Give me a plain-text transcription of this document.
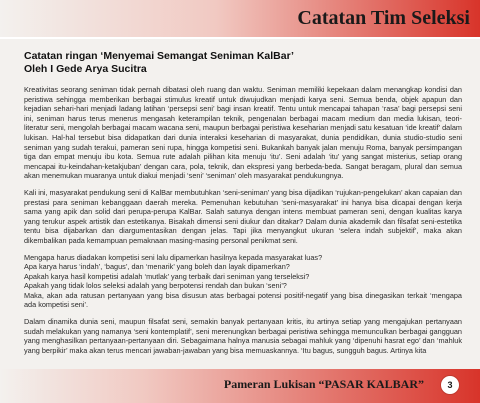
Catatan Tim Seleksi
Catatan ringan ‘Menyemai Semangat Seniman KalBar’
Oleh I Gede Arya Sucitra
Kreativitas seorang seniman tidak pernah dibatasi oleh ruang dan waktu. Seniman memiliki kepekaan dalam menangkap kondisi dan peristiwa sehingga memberikan berbagai stimulus kreatif untuk diwujudkan menjadi karya seni. Semua benda, objek apapun dan kejadian sehari-hari menjadi ladang latihan ‘persepsi seni’ bagi insan kreatif. Tentu untuk mencapai tahapan ‘rasa’ bagi persepsi seni ini, seniman harus terus menerus mengasah keterampilan teknik, pengenalan berbagai macam medium dan media lukisan, teori-literatur seni, mengolah berbagai macam wacana seni, maupun berbagai peristiwa keseharian menjadi satu kesatuan ‘ide kreatif’ dalam lukisan. Hal-hal tersebut bisa didapatkan dari dunia interaksi keseharian di masyarakat, dunia pendidikan, dunia studio-studio seni seniman yang sudah terakui, pameran seni rupa, hingga kompetisi seni. Bukankah banyak jalan menuju Roma, banyak persimpangan tiga dan empat menuju ibu kota. Semua rute adalah pilihan kita menuju ‘itu’. Seni adalah ‘itu’ yang sangat misterius, setiap orang mencapai itu-keindahan-ketakjuban’ dengan cara, pola, teknik, dan ekspresi yang berbeda-beda. Sangat beragam, plural dan semua akan menemukan muaranya untuk diakui menjadi ‘seni’ ‘seniman’ oleh masyarakat pendukungnya.
Kali ini, masyarakat pendukung seni di KalBar membutuhkan ‘seni-seniman’ yang bisa dijadikan ‘rujukan-pengelukan’ akan capaian dan prestasi para seniman kebanggaan daerah mereka. Pemenuhan kebutuhan ‘seni-masyarakat’ ini hanya bisa dicapai dengan kerja sama yang apik dan solid dari perupa-perupa KalBar. Salah satunya dengan intens membuat pameran seni, dengan kualitas karya yang terukur aspek artistik dan estetikanya. Bisakah dimensi seni diukur dan ditakar? Dalam dunia akademik dan filsafat seni-estetika tentu bisa dijabarkan dan diargumentasikan dengan jelas. Tapi jika menyangkut ukuran ‘selera indah subjektif’, maka akan dikembalikan pada kemampuan pemaknaan masing-masing personal penikmat seni.
Mengapa harus diadakan kompetisi seni lalu dipamerkan hasilnya kepada masyarakat luas?
Apa karya harus ‘indah’, ‘bagus’, dan ‘menarik’ yang boleh dan layak dipamerkan?
Apakah karya hasil kompetisi adalah ‘mutlak’ yang terbaik dari seniman yang terseleksi?
Apakah yang tidak lolos seleksi adalah yang berpotensi rendah dan bukan ‘seni’?
Maka, akan ada ratusan pertanyaan yang bisa disusun atas berbagai potensi positif-negatif yang bisa dinegasikan terkait ‘mengapa ada kompetisi seni’.
Dalam dinamika dunia seni, maupun filsafat seni, semakin banyak pertanyaan kritis, itu artinya setiap yang mengajukan pertanyaan sudah melakukan yang namanya ‘seni kontemplatif’, seni merenungkan berbagai peristiwa sehingga memunculkan berbagai gangguan yang menghasilkan pertanyaan-pertanyaan diri. Sebagaimana halnya manusia sebagai mahluk yang ‘dipenuhi hasrat ego’ dan ‘mahluk yang berpikir’ maka akan terus mencari jawaban-jawaban yang bisa memuaskannya. ‘Itu bagus, sungguh bagus. Artinya kita
Pameran Lukisan “PASAR KALBAR”	3
